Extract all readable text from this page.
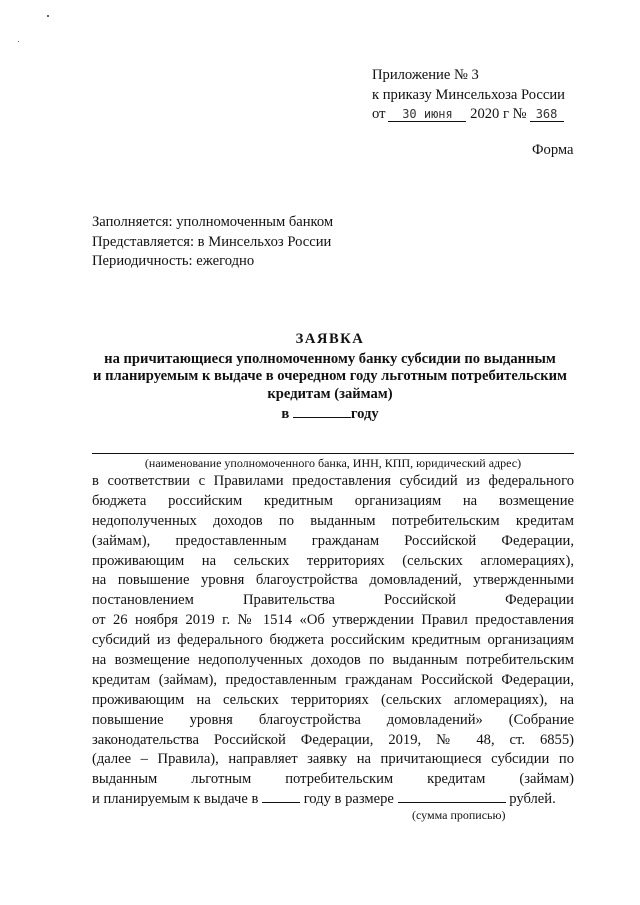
Приложение № 3
к приказу Минсельхоза России
от 30 июня 2020 г № 368
Форма
Заполняется: уполномоченным банком
Представляется: в Минсельхоз России
Периодичность: ежегодно
ЗАЯВКА
на причитающиеся уполномоченному банку субсидии по выданным
и планируемым к выдаче в очередном году льготным потребительским
кредитам (займам)
в	году
(наименование уполномоченного банка, ИНН, КПП, юридический адрес)
в соответствии с Правилами предоставления субсидий из федерального
бюджета российским кредитным организациям на возмещение
недополученных доходов по выданным потребительским кредитам
(займам), предоставленным гражданам Российской Федерации,
проживающим на сельских территориях (сельских агломерациях),
на повышение уровня благоустройства домовладений, утвержденными
постановлением Правительства Российской Федерации
от 26 ноября 2019 г. № 1514 «Об утверждении Правил предоставления
субсидий из федерального бюджета российским кредитным организациям
на возмещение недополученных доходов по выданным потребительским
кредитам (займам), предоставленным гражданам Российской Федерации,
проживающим на сельских территориях (сельских агломерациях), на
повышение уровня благоустройства домовладений» (Собрание
законодательства Российской Федерации, 2019, № 48, ст. 6855)
(далее – Правила), направляет заявку на причитающиеся субсидии по
выданным льготным потребительским кредитам (займам)
и планируемым к выдаче в	году в размере	рублей.
(сумма прописью)
